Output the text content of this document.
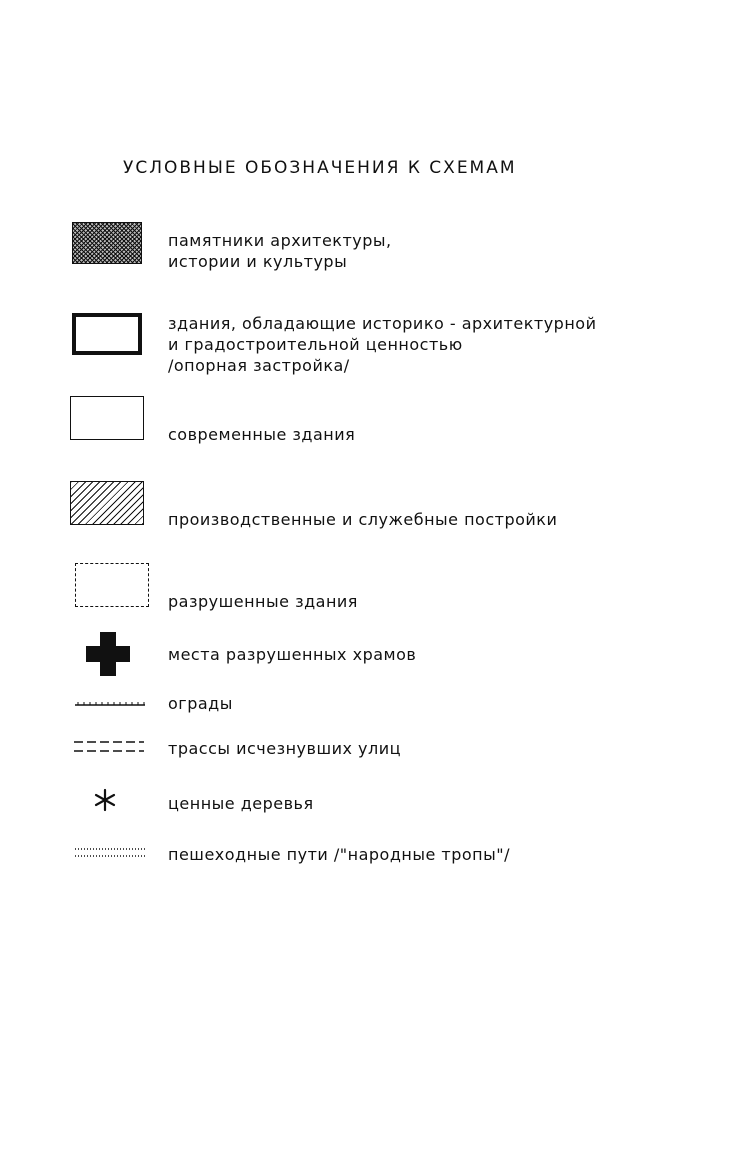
УСЛОВНЫЕ ОБОЗНАЧЕНИЯ К СХЕМАМ
памятники архитектуры,
истории и культуры
здания, обладающие историко - архитектурной
и градостроительной ценностью
/опорная застройка/
современные здания
производственные и служебные постройки
разрушенные здания
места разрушенных храмов
ограды
трассы исчезнувших улиц
ценные деревья
пешеходные пути /"народные тропы"/
